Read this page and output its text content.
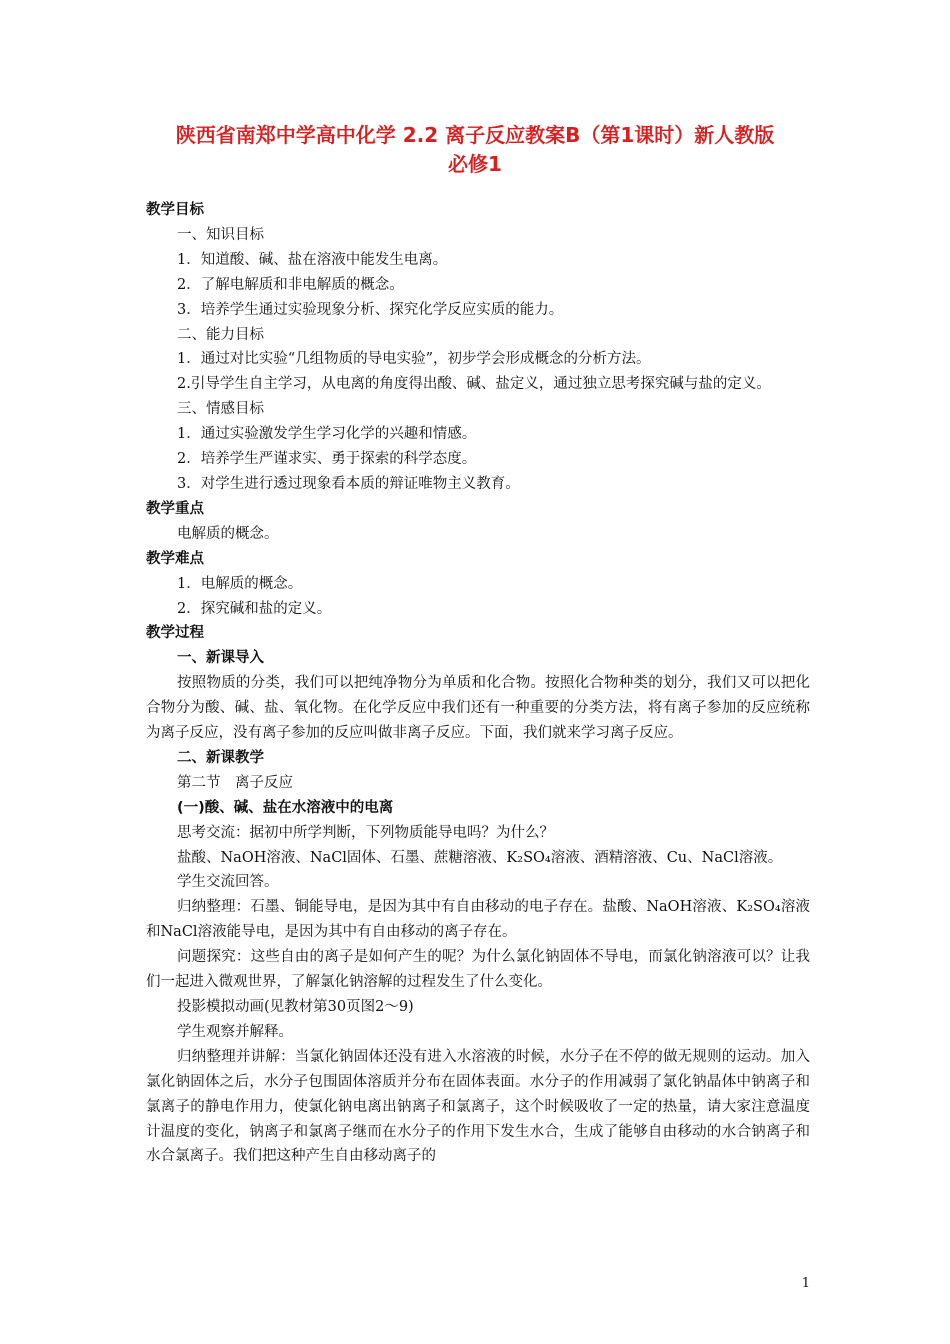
陕西省南郑中学高中化学 2.2 离子反应教案B（第1课时）新人教版
必修1

教学目标

一、知识目标

1．知道酸、碱、盐在溶液中能发生电离。

2．了解电解质和非电解质的概念。

3．培养学生通过实验现象分析、探究化学反应实质的能力。

二、能力目标

1．通过对比实验“几组物质的导电实验”，初步学会形成概念的分析方法。

2.引导学生自主学习，从电离的角度得出酸、碱、盐定义，通过独立思考探究碱与盐的定义。

三、情感目标

1．通过实验激发学生学习化学的兴趣和情感。

2．培养学生严谨求实、勇于探索的科学态度。

3．对学生进行透过现象看本质的辩证唯物主义教育。

教学重点

电解质的概念。

教学难点

1．电解质的概念。

2．探究碱和盐的定义。

教学过程

一、新课导入

按照物质的分类，我们可以把纯净物分为单质和化合物。按照化合物种类的划分，我们又可以把化合物分为酸、碱、盐、氧化物。在化学反应中我们还有一种重要的分类方法，将有离子参加的反应统称为离子反应，没有离子参加的反应叫做非离子反应。下面，我们就来学习离子反应。

二、新课教学

第二节　离子反应

(一)酸、碱、盐在水溶液中的电离

思考交流：据初中所学判断，下列物质能导电吗？为什么？

盐酸、NaOH溶液、NaCl固体、石墨、蔗糖溶液、K₂SO₄溶液、酒精溶液、Cu、NaCl溶液。

学生交流回答。

归纳整理：石墨、铜能导电，是因为其中有自由移动的电子存在。盐酸、NaOH溶液、K₂SO₄溶液和NaCl溶液能导电，是因为其中有自由移动的离子存在。

问题探究：这些自由的离子是如何产生的呢？为什么氯化钠固体不导电，而氯化钠溶液可以？让我们一起进入微观世界，了解氯化钠溶解的过程发生了什么变化。

投影模拟动画(见教材第30页图2～9)

学生观察并解释。

归纳整理并讲解：当氯化钠固体还没有进入水溶液的时候，水分子在不停的做无规则的运动。加入氯化钠固体之后，水分子包围固体溶质并分布在固体表面。水分子的作用减弱了氯化钠晶体中钠离子和氯离子的静电作用力，使氯化钠电离出钠离子和氯离子，这个时候吸收了一定的热量，请大家注意温度计温度的变化，钠离子和氯离子继而在水分子的作用下发生水合，生成了能够自由移动的水合钠离子和水合氯离子。我们把这种产生自由移动离子的

1
